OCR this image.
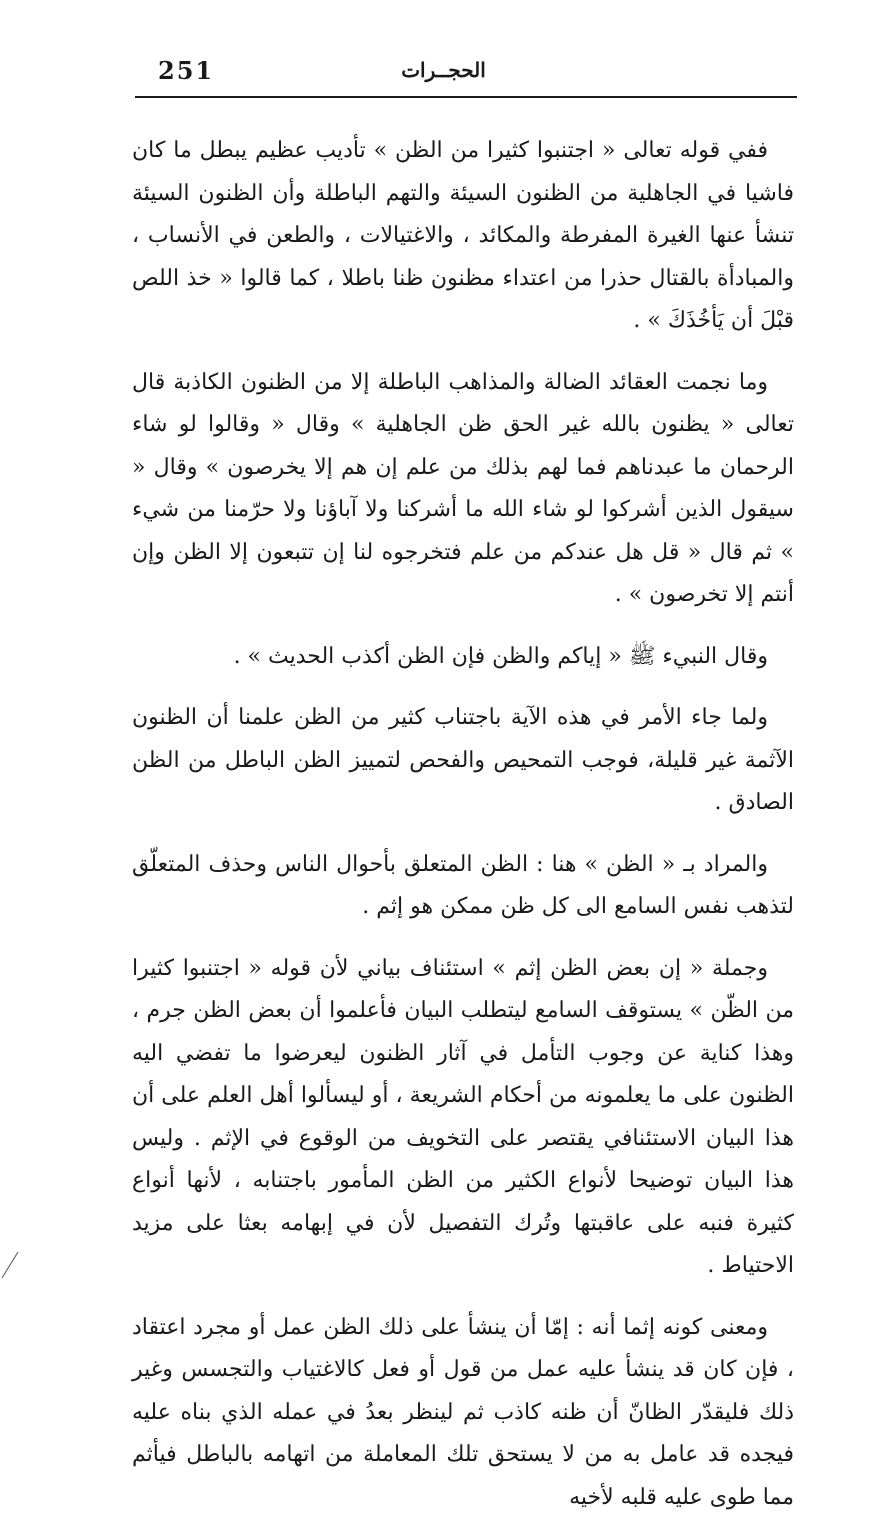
251	الحجــرات

ففي قوله تعالى « اجتنبوا كثيرا من الظن » تأديب عظيم يبطل ما كان فاشيا في الجاهلية من الظنون السيئة والتهم الباطلة وأن الظنون السيئة تنشأ عنها الغيرة المفرطة والمكائد ، والاغتيالات ، والطعن في الأنساب ، والمبادأة بالقتال حذرا من اعتداء مظنون ظنا باطلا ، كما قالوا « خذ اللص قبْلَ أن يَأخُذَكَ » .

وما نجمت العقائد الضالة والمذاهب الباطلة إلا من الظنون الكاذبة قال تعالى « يظنون بالله غير الحق ظن الجاهلية » وقال « وقالوا لو شاء الرحمان ما عبدناهم فما لهم بذلك من علم إن هم إلا يخرصون » وقال « سيقول الذين أشركوا لو شاء الله ما أشركنا ولا آباؤنا ولا حرّمنا من شيء » ثم قال « قل هل عندكم من علم فتخرجوه لنا إن تتبعون إلا الظن وإن أنتم إلا تخرصون » .

وقال النبيء ﷺ « إياكم والظن فإن الظن أكذب الحديث » .

ولما جاء الأمر في هذه الآية باجتناب كثير من الظن علمنا أن الظنون الآثمة غير قليلة، فوجب التمحيص والفحص لتمييز الظن الباطل من الظن الصادق .

والمراد بـ « الظن » هنا : الظن المتعلق بأحوال الناس وحذف المتعلّق لتذهب نفس السامع الى كل ظن ممكن هو إثم .

وجملة « إن بعض الظن إثم » استئناف بياني لأن قوله « اجتنبوا كثيرا من الظّن » يستوقف السامع ليتطلب البيان فأعلموا أن بعض الظن جرم ، وهذا كناية عن وجوب التأمل في آثار الظنون ليعرضوا ما تفضي اليه الظنون على ما يعلمونه من أحكام الشريعة ، أو ليسألوا أهل العلم على أن هذا البيان الاستئنافي يقتصر على التخويف من الوقوع في الإثم . وليس هذا البيان توضيحا لأنواع الكثير من الظن المأمور باجتنابه ، لأنها أنواع كثيرة فنبه على عاقبتها وتُرك التفصيل لأن في إبهامه بعثا على مزيد الاحتياط .

ومعنى كونه إثما أنه : إمّا أن ينشأ على ذلك الظن عمل أو مجرد اعتقاد ، فإن كان قد ينشأ عليه عمل من قول أو فعل كالاغتياب والتجسس وغير ذلك فليقدّر الظانّ أن ظنه كاذب ثم لينظر بعدُ في عمله الذي بناه عليه فيجده قد عامل به من لا يستحق تلك المعاملة من اتهامه بالباطل فيأثم مما طوى عليه قلبه لأخيه
